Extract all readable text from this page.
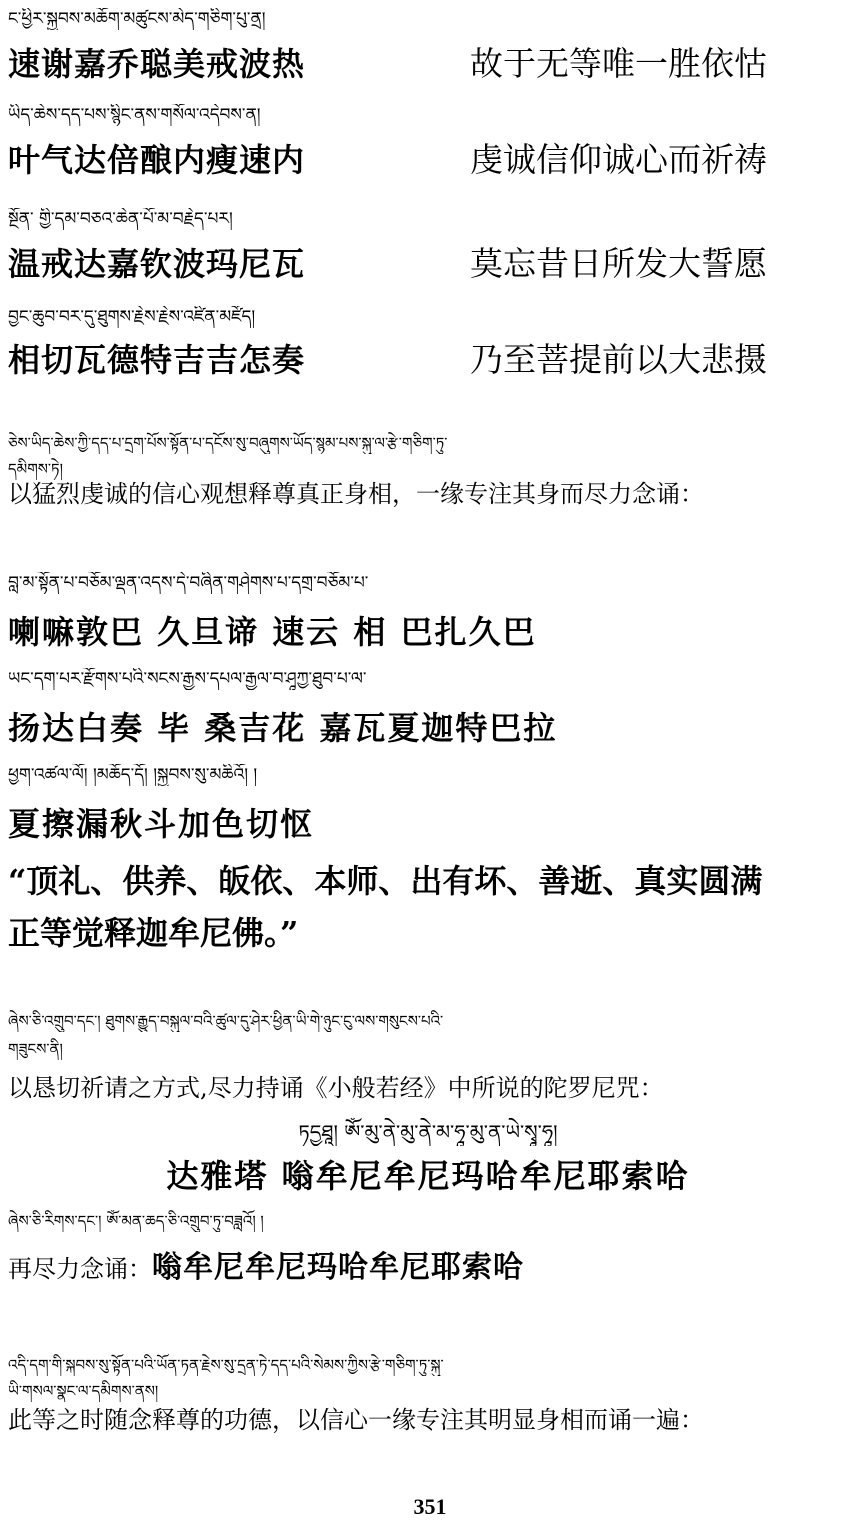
ང་ཕྱིར་སྐྱབས་མཆོག་མཚུངས་མེད་གཅིག་པུ་ནྲ།
速谢嘉乔聪美戒波热	故于无等唯一胜依怙
ཡིད་ཆེས་དད་པས་སྙིང་ནས་གསོལ་འདེབས་ན།
叶气达倍酿内瘦速内	虔诚信仰诚心而祈祷
སྔོན་ གྱི་དམ་བཅའ་ཆེན་པོ་མ་བརྗེད་པར།
温戒达嘉钦波玛尼瓦	莫忘昔日所发大誓愿
བྱང་ཆུབ་བར་དུ་ཐུགས་རྗེས་རྗེས་འཛིན་མཛོད།
相切瓦德特吉吉怎奏	乃至菩提前以大悲摄
ཅེས་ཡིད་ཆེས་ཀྱི་དད་པ་དྲག་པོས་སྟོན་པ་དངོས་སུ་བཞུགས་ཡོད་སྙམ་པས་སྐུ་ལ་རྩེ་གཅིག་ཏུ་
དམིགས་ཏེ།
以猛烈虔诚的信心观想释尊真正身相，一缘专注其身而尽力念诵：
བླ་མ་སྟོན་པ་བཅོམ་ལྡན་འདས་དེ་བཞིན་གཤེགས་པ་དགྲ་བཅོམ་པ་
喇嘛敦巴 久旦谛 速云 相 巴扎久巴
ཡང་དག་པར་རྫོགས་པའི་སངས་རྒྱས་དཔལ་རྒྱལ་བ་ཤཱཀྱ་ཐུབ་པ་ལ་
扬达白奏 毕 桑吉花 嘉瓦夏迦特巴拉
ཕྱག་འཚལ་ལོ། །མཆོད་དོ། །སྐྱབས་སུ་མཆིའོ། །
夏擦漏秋斗加色切怄
“顶礼、供养、皈依、本师、出有坏、善逝、真实圆满
正等觉释迦牟尼佛。”
ཞེས་ཅི་འགྲུབ་དང་། ཐུགས་རྒྱུད་བསྐུལ་བའི་ཚུལ་དུ་ཤེར་ཕྱིན་ཡི་གེ་ཉུང་ངུ་ལས་གསུངས་པའི་
གཟུངས་ནི།
以恳切祈请之方式,尽力持诵《小般若经》中所说的陀罗尼咒：
ཏདྱཐཱ། ཨོཾ་མུ་ནེ་མུ་ནེ་མ་ཧཱ་མུ་ན་ཡེ་སྭཱ་ཧཱ།
达雅塔 嗡牟尼牟尼玛哈牟尼耶索哈
ཞེས་ཅི་རིགས་དང་། ཨོཾ་མན་ཆད་ཅི་འགྲུབ་ཏུ་བཟླའོ། །
再尽力念诵：嗡牟尼牟尼玛哈牟尼耶索哈
འདི་དག་གི་སྐབས་སུ་སྟོན་པའི་ཡོན་ཏན་རྗེས་སུ་དྲན་ཏེ་དད་པའི་སེམས་ཀྱིས་རྩེ་གཅིག་ཏུ་སྐུ་
ཡི་གསལ་སྣང་ལ་དམིགས་ནས།
此等之时随念释尊的功德，以信心一缘专注其明显身相而诵一遍：
351
